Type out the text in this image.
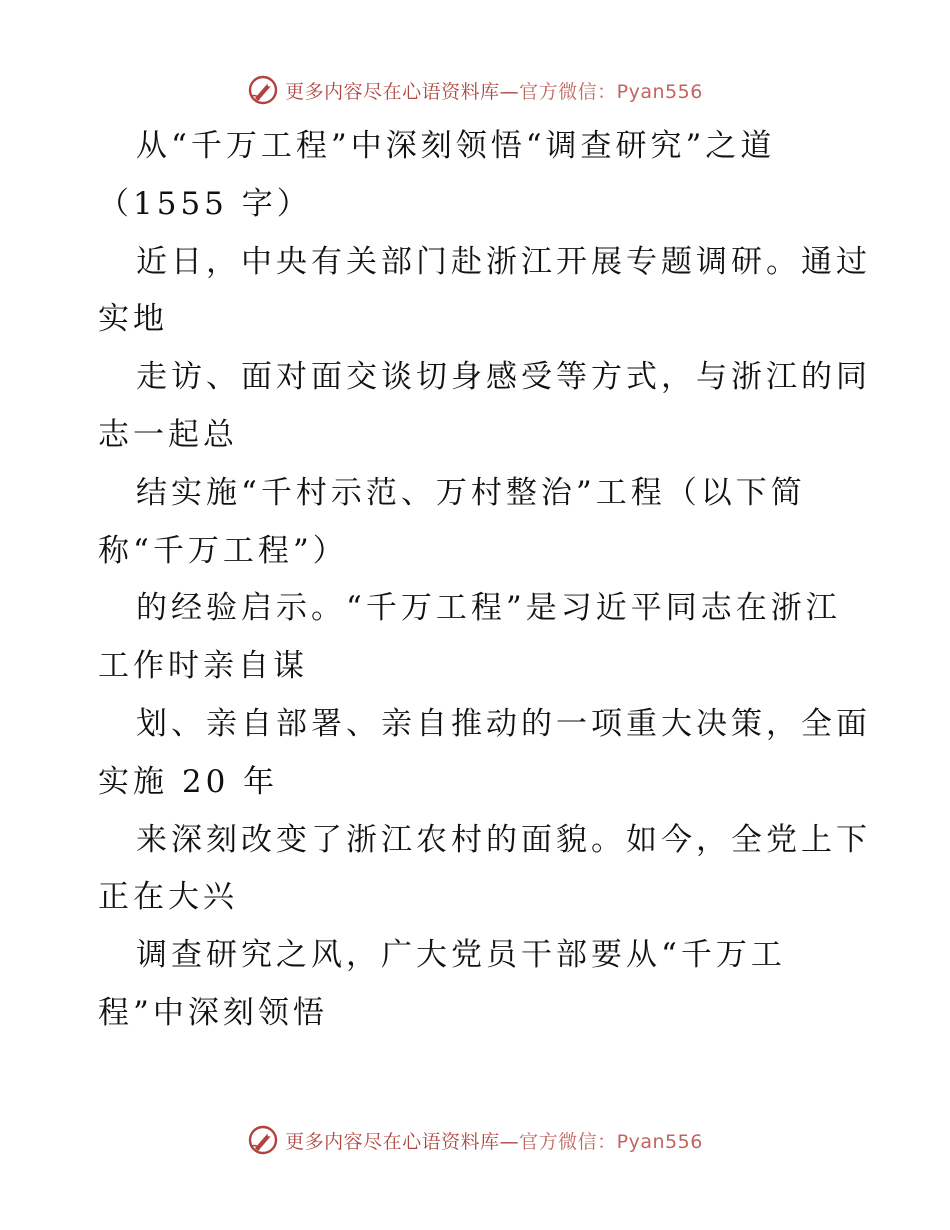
更多内容尽在心语资料库—官方微信：Pyan556
从“千万工程”中深刻领悟“调查研究”之道
（1555 字）
近日，中央有关部门赴浙江开展专题调研。通过
实地
走访、面对面交谈切身感受等方式，与浙江的同
志一起总
结实施“千村示范、万村整治”工程（以下简
称“千万工程”）
的经验启示。“千万工程”是习近平同志在浙江
工作时亲自谋
划、亲自部署、亲自推动的一项重大决策，全面
实施 20 年
来深刻改变了浙江农村的面貌。如今，全党上下
正在大兴
调查研究之风，广大党员干部要从“千万工
程”中深刻领悟
更多内容尽在心语资料库—官方微信：Pyan556
